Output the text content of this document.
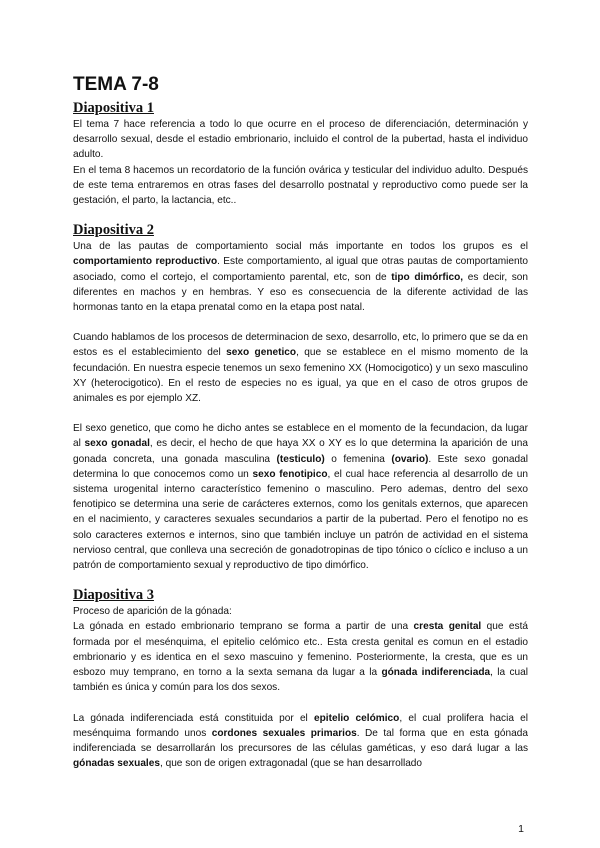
TEMA 7-8
Diapositiva 1

El tema 7 hace referencia a todo lo que ocurre en el proceso de diferenciación, determinación y desarrollo sexual, desde el estadio embrionario, incluido el control de la pubertad, hasta el individuo adulto.

En el tema 8 hacemos un recordatorio de la función ovárica y testicular del individuo adulto. Después de este tema entraremos en otras fases del desarrollo postnatal y reproductivo como puede ser la gestación, el parto, la lactancia, etc..

Diapositiva 2

Una de las pautas de comportamiento social más importante en todos los grupos es el comportamiento reproductivo. Este comportamiento, al igual que otras pautas de comportamiento asociado, como el cortejo, el comportamiento parental, etc, son de tipo dimórfico, es decir, son diferentes en machos y en hembras. Y eso es consecuencia de la diferente actividad de las hormonas tanto en la etapa prenatal como en la etapa post natal.

Cuando hablamos de los procesos de determinacion de sexo, desarrollo, etc, lo primero que se da en estos es el establecimiento del sexo genetico, que se establece en el mismo momento de la fecundación. En nuestra especie tenemos un sexo femenino XX (Homocigotico) y un sexo masculino XY (heterocigotico). En el resto de especies no es igual, ya que en el caso de otros grupos de animales es por ejemplo XZ.

El sexo genetico, que como he dicho antes se establece en el momento de la fecundacion, da lugar al sexo gonadal, es decir, el hecho de que haya XX o XY es lo que determina la aparición de una gonada concreta, una gonada masculina (testiculo) o femenina (ovario). Este sexo gonadal determina lo que conocemos como un sexo fenotipico, el cual hace referencia al desarrollo de un sistema urogenital interno característico femenino o masculino. Pero ademas, dentro del sexo fenotipico se determina una serie de carácteres externos, como los genitals externos, que aparecen en el nacimiento, y caracteres sexuales secundarios a partir de la pubertad. Pero el fenotipo no es solo caracteres externos e internos, sino que también incluye un patrón de actividad en el sistema nervioso central, que conlleva una secreción de gonadotropinas de tipo tónico o cíclico e incluso a un patrón de comportamiento sexual y reproductivo de tipo dimórfico.

Diapositiva 3

Proceso de aparición de la gónada:

La gónada en estado embrionario temprano se forma a partir de una cresta genital que está formada por el mesénquima, el epitelio celómico etc.. Esta cresta genital es comun en el estadio embrionario y es identica en el sexo mascuino y femenino. Posteriormente, la cresta, que es un esbozo muy temprano, en torno a la sexta semana da lugar a la gónada indiferenciada, la cual también es única y común para los dos sexos.

La gónada indiferenciada está constituida por el epitelio celómico, el cual prolifera hacia el mesénquima formando unos cordones sexuales primarios. De tal forma que en esta gónada indiferenciada se desarrollarán los precursores de las células gaméticas, y eso dará lugar a las gónadas sexuales, que son de origen extragonadal (que se han desarrollado

1
